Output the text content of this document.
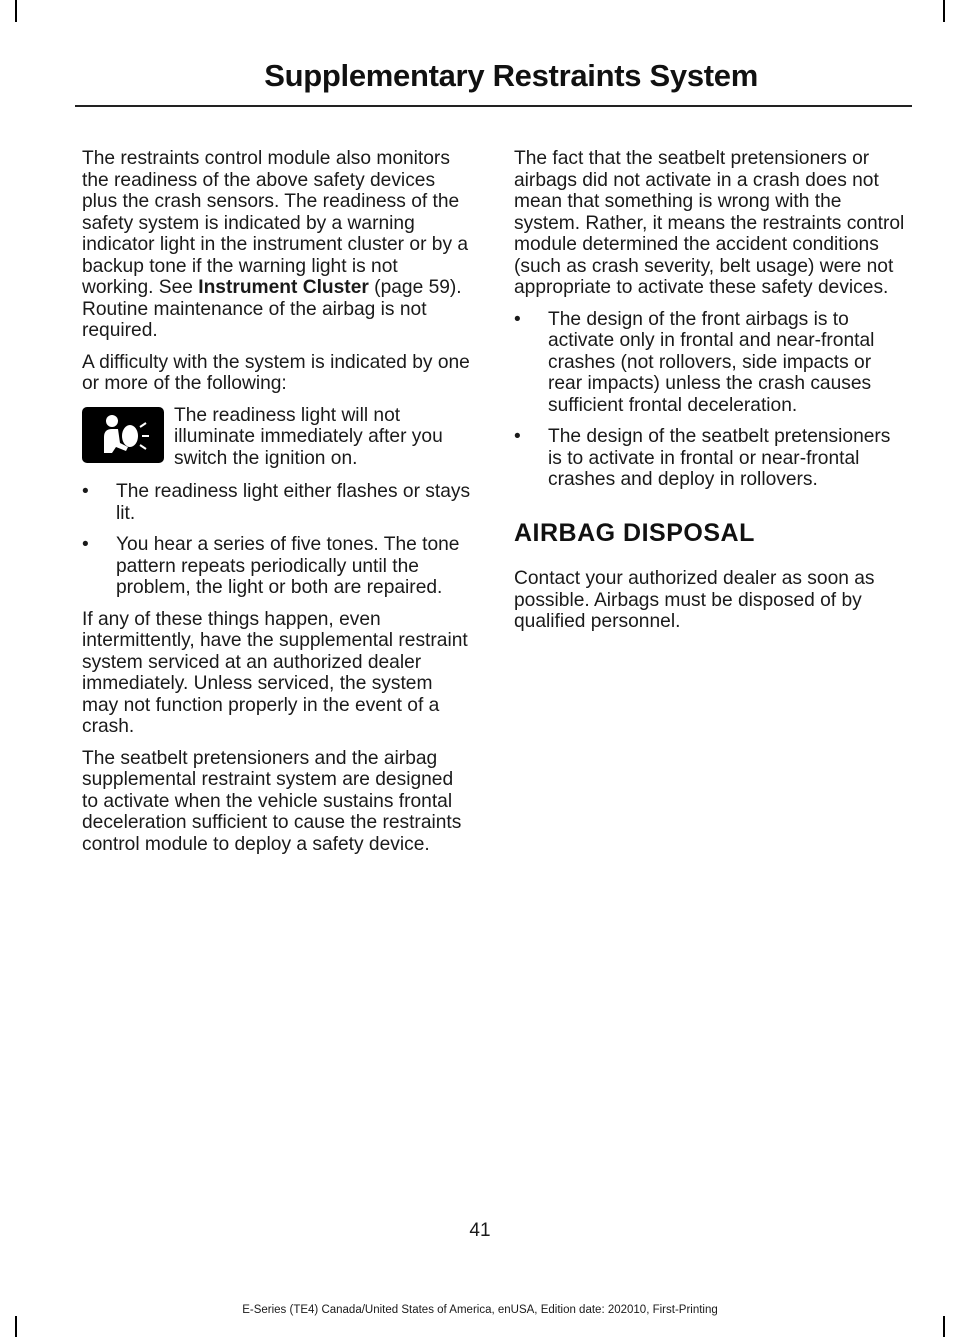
Supplementary Restraints System

The restraints control module also monitors the readiness of the above safety devices plus the crash sensors. The readiness of the safety system is indicated by a warning indicator light in the instrument cluster or by a backup tone if the warning light is not working. See Instrument Cluster (page 59). Routine maintenance of the airbag is not required.

A difficulty with the system is indicated by one or more of the following:

The readiness light will not illuminate immediately after you switch the ignition on.
• The readiness light either flashes or stays lit.
• You hear a series of five tones. The tone pattern repeats periodically until the problem, the light or both are repaired.

If any of these things happen, even intermittently, have the supplemental restraint system serviced at an authorized dealer immediately. Unless serviced, the system may not function properly in the event of a crash.

The seatbelt pretensioners and the airbag supplemental restraint system are designed to activate when the vehicle sustains frontal deceleration sufficient to cause the restraints control module to deploy a safety device.

The fact that the seatbelt pretensioners or airbags did not activate in a crash does not mean that something is wrong with the system. Rather, it means the restraints control module determined the accident conditions (such as crash severity, belt usage) were not appropriate to activate these safety devices.

• The design of the front airbags is to activate only in frontal and near-frontal crashes (not rollovers, side impacts or rear impacts) unless the crash causes sufficient frontal deceleration.
• The design of the seatbelt pretensioners is to activate in frontal or near-frontal crashes and deploy in rollovers.
AIRBAG DISPOSAL

Contact your authorized dealer as soon as possible. Airbags must be disposed of by qualified personnel.

41
E-Series (TE4) Canada/United States of America, enUSA, Edition date: 202010, First-Printing
